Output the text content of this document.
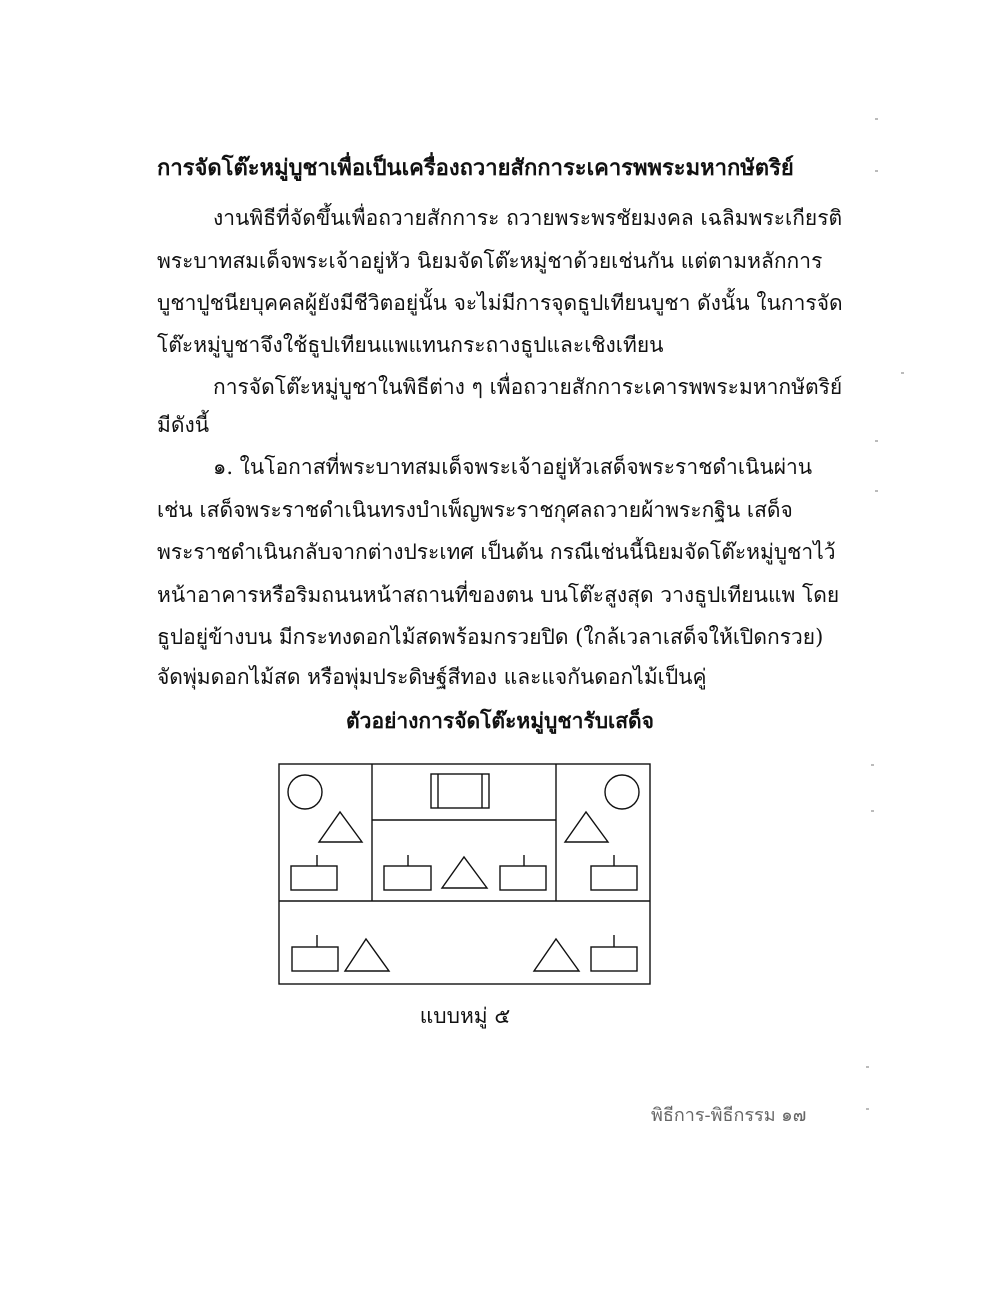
การจัดโต๊ะหมู่บูชาเพื่อเป็นเครื่องถวายสักการะเคารพพระมหากษัตริย์
งานพิธีที่จัดขึ้นเพื่อถวายสักการะ ถวายพระพรชัยมงคล เฉลิมพระเกียรติ
พระบาทสมเด็จพระเจ้าอยู่หัว นิยมจัดโต๊ะหมู่ชาด้วยเช่นกัน แต่ตามหลักการ
บูชาปูชนียบุคคลผู้ยังมีชีวิตอยู่นั้น จะไม่มีการจุดธูปเทียนบูชา ดังนั้น ในการจัด
โต๊ะหมู่บูชาจึงใช้ธูปเทียนแพแทนกระถางธูปและเชิงเทียน
การจัดโต๊ะหมู่บูชาในพิธีต่าง ๆ เพื่อถวายสักการะเคารพพระมหากษัตริย์
มีดังนี้
๑. ในโอกาสที่พระบาทสมเด็จพระเจ้าอยู่หัวเสด็จพระราชดำเนินผ่าน
เช่น เสด็จพระราชดำเนินทรงบำเพ็ญพระราชกุศลถวายผ้าพระกฐิน เสด็จ
พระราชดำเนินกลับจากต่างประเทศ เป็นต้น กรณีเช่นนี้นิยมจัดโต๊ะหมู่บูชาไว้
หน้าอาคารหรือริมถนนหน้าสถานที่ของตน บนโต๊ะสูงสุด วางธูปเทียนแพ โดย
ธูปอยู่ข้างบน มีกระทงดอกไม้สดพร้อมกรวยปิด (ใกล้เวลาเสด็จให้เปิดกรวย)
จัดพุ่มดอกไม้สด หรือพุ่มประดิษฐ์สีทอง และแจกันดอกไม้เป็นคู่
ตัวอย่างการจัดโต๊ะหมู่บูชารับเสด็จ
แบบหมู่ ๕
พิธีการ-พิธีกรรม ๑๗
